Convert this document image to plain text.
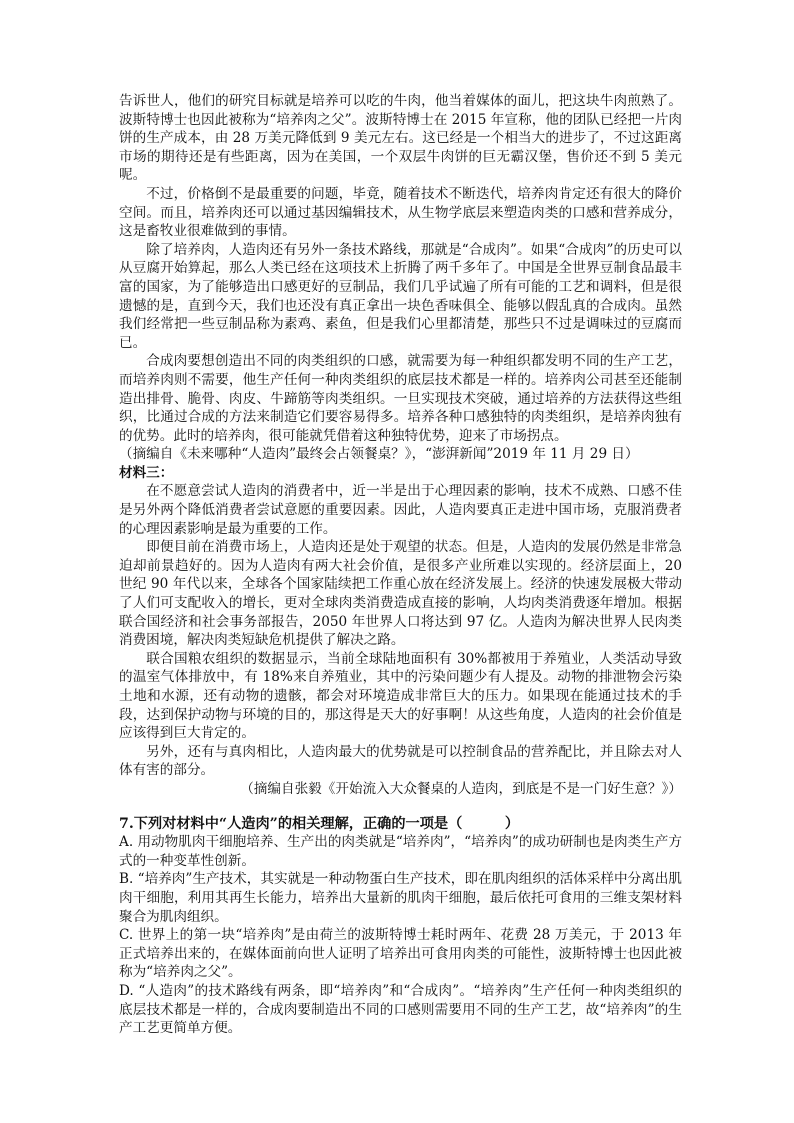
告诉世人，他们的研究目标就是培养可以吃的牛肉，他当着媒体的面儿，把这块牛肉煎熟了。波斯特博士也因此被称为“培养肉之父”。波斯特博士在 2015 年宣称，他的团队已经把一片肉饼的生产成本，由 28 万美元降低到 9 美元左右。这已经是一个相当大的进步了，不过这距离市场的期待还是有些距离，因为在美国，一个双层牛肉饼的巨无霸汉堡，售价还不到 5 美元呢。

不过，价格倒不是最重要的问题，毕竟，随着技术不断迭代，培养肉肯定还有很大的降价空间。而且，培养肉还可以通过基因编辑技术，从生物学底层来塑造肉类的口感和营养成分，这是畜牧业很难做到的事情。

除了培养肉，人造肉还有另外一条技术路线，那就是“合成肉”。如果“合成肉”的历史可以从豆腐开始算起，那么人类已经在这项技术上折腾了两千多年了。中国是全世界豆制食品最丰富的国家，为了能够造出口感更好的豆制品，我们几乎试遍了所有可能的工艺和调料，但是很遗憾的是，直到今天，我们也还没有真正拿出一块色香味俱全、能够以假乱真的合成肉。虽然我们经常把一些豆制品称为素鸡、素鱼，但是我们心里都清楚，那些只不过是调味过的豆腐而已。

合成肉要想创造出不同的肉类组织的口感，就需要为每一种组织都发明不同的生产工艺，而培养肉则不需要，他生产任何一种肉类组织的底层技术都是一样的。培养肉公司甚至还能制造出排骨、脆骨、肉皮、牛蹄筋等肉类组织。一旦实现技术突破，通过培养的方法获得这些组织，比通过合成的方法来制造它们要容易得多。培养各种口感独特的肉类组织，是培养肉独有的优势。此时的培养肉，很可能就凭借着这种独特优势，迎来了市场拐点。

（摘编自《未来哪种“人造肉”最终会占领餐桌？》，“澎湃新闻”2019 年 11 月 29 日）

材料三：

在不愿意尝试人造肉的消费者中，近一半是出于心理因素的影响，技术不成熟、口感不佳是另外两个降低消费者尝试意愿的重要因素。因此，人造肉要真正走进中国市场，克服消费者的心理因素影响是最为重要的工作。

即便目前在消费市场上，人造肉还是处于观望的状态。但是，人造肉的发展仍然是非常急迫却前景趋好的。因为人造肉有两大社会价值，是很多产业所难以实现的。经济层面上，20 世纪 90 年代以来，全球各个国家陆续把工作重心放在经济发展上。经济的快速发展极大带动了人们可支配收入的增长，更对全球肉类消费造成直接的影响，人均肉类消费逐年增加。根据联合国经济和社会事务部报告，2050 年世界人口将达到 97 亿。人造肉为解决世界人民肉类消费困境，解决肉类短缺危机提供了解决之路。

联合国粮农组织的数据显示，当前全球陆地面积有 30%都被用于养殖业，人类活动导致的温室气体排放中，有 18%来自养殖业，其中的污染问题少有人提及。动物的排泄物会污染土地和水源，还有动物的遗骸，都会对环境造成非常巨大的压力。如果现在能通过技术的手段，达到保护动物与环境的目的，那这得是天大的好事啊！从这些角度，人造肉的社会价值是应该得到巨大肯定的。

另外，还有与真肉相比，人造肉最大的优势就是可以控制食品的营养配比，并且除去对人体有害的部分。

（摘编自张毅《开始流入大众餐桌的人造肉，到底是不是一门好生意？》）

7.下列对材料中“人造肉”的相关理解，正确的一项是（　　　）

A. 用动物肌肉干细胞培养、生产出的肉类就是“培养肉”，“培养肉”的成功研制也是肉类生产方式的一种变革性创新。

B. “培养肉”生产技术，其实就是一种动物蛋白生产技术，即在肌肉组织的活体采样中分离出肌肉干细胞，利用其再生长能力，培养出大量新的肌肉干细胞，最后依托可食用的三维支架材料聚合为肌肉组织。

C. 世界上的第一块“培养肉”是由荷兰的波斯特博士耗时两年、花费 28 万美元，于 2013 年正式培养出来的，在媒体面前向世人证明了培养出可食用肉类的可能性，波斯特博士也因此被称为“培养肉之父”。

D. “人造肉”的技术路线有两条，即“培养肉”和“合成肉”。“培养肉”生产任何一种肉类组织的底层技术都是一样的，合成肉要制造出不同的口感则需要用不同的生产工艺，故“培养肉”的生产工艺更简单方便。
